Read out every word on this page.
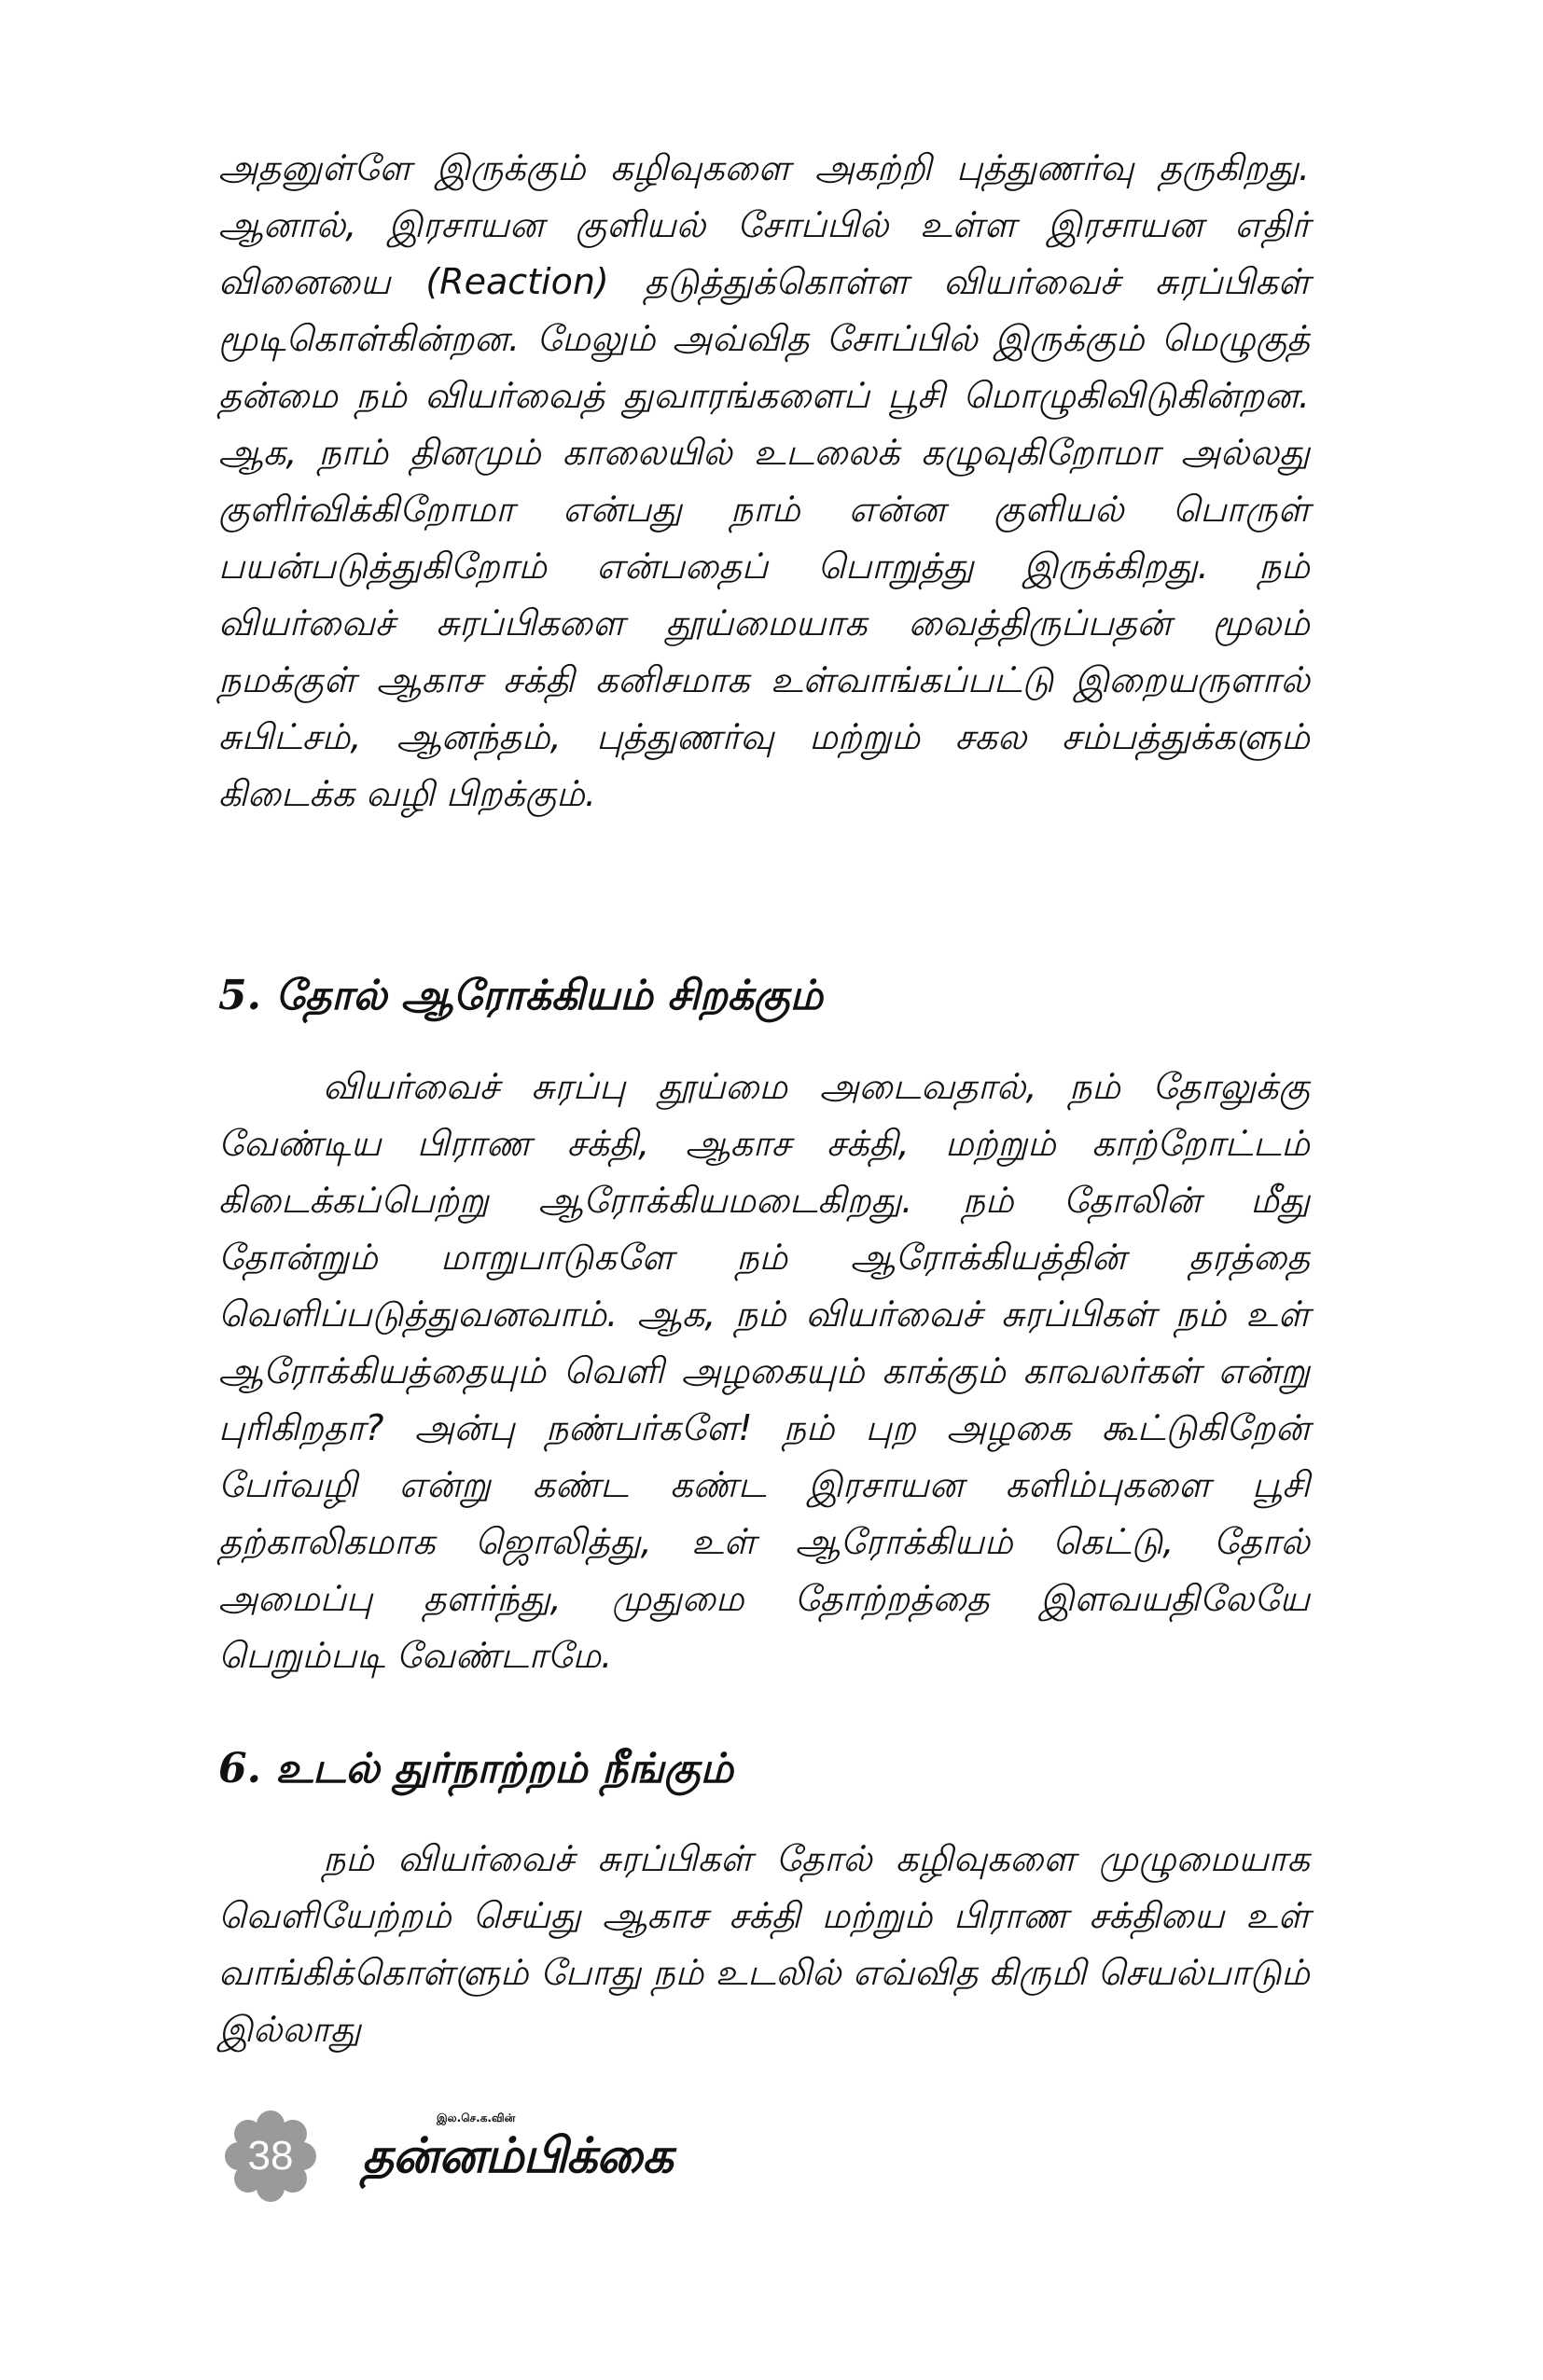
அதனுள்ளே இருக்கும் கழிவுகளை அகற்றி புத்துணர்வு தருகிறது. ஆனால், இரசாயன குளியல் சோப்பில் உள்ள இரசாயன எதிர் வினையை (Reaction) தடுத்துக்கொள்ள வியர்வைச் சுரப்பிகள் மூடிகொள்கின்றன. மேலும் அவ்வித சோப்பில் இருக்கும் மெழுகுத் தன்மை நம் வியர்வைத் துவாரங்களைப் பூசி மொழுகிவிடுகின்றன. ஆக, நாம் தினமும் காலையில் உடலைக் கழுவுகிறோமா அல்லது குளிர்விக்கிறோமா என்பது நாம் என்ன குளியல் பொருள் பயன்படுத்துகிறோம் என்பதைப் பொறுத்து இருக்கிறது. நம் வியர்வைச் சுரப்பிகளை தூய்மையாக வைத்திருப்பதன் மூலம் நமக்குள் ஆகாச சக்தி கனிசமாக உள்வாங்கப்பட்டு இறையருளால் சுபிட்சம், ஆனந்தம், புத்துணர்வு மற்றும் சகல சம்பத்துக்களும் கிடைக்க வழி பிறக்கும்.

5. தோல் ஆரோக்கியம் சிறக்கும்

வியர்வைச் சுரப்பு தூய்மை அடைவதால், நம் தோலுக்கு வேண்டிய பிராண சக்தி, ஆகாச சக்தி, மற்றும் காற்றோட்டம் கிடைக்கப்பெற்று ஆரோக்கியமடைகிறது. நம் தோலின் மீது தோன்றும் மாறுபாடுகளே நம் ஆரோக்கியத்தின் தரத்தை வெளிப்படுத்துவனவாம். ஆக, நம் வியர்வைச் சுரப்பிகள் நம் உள் ஆரோக்கியத்தையும் வெளி அழகையும் காக்கும் காவலர்கள் என்று புரிகிறதா? அன்பு நண்பர்களே! நம் புற அழகை கூட்டுகிறேன் பேர்வழி என்று கண்ட கண்ட இரசாயன களிம்புகளை பூசி தற்காலிகமாக ஜொலித்து, உள் ஆரோக்கியம் கெட்டு, தோல் அமைப்பு தளர்ந்து, முதுமை தோற்றத்தை இளவயதிலேயே பெறும்படி வேண்டாமே.

6. உடல் துர்நாற்றம் நீங்கும்

நம் வியர்வைச் சுரப்பிகள் தோல் கழிவுகளை முழுமையாக வெளியேற்றம் செய்து ஆகாச சக்தி மற்றும் பிராண சக்தியை உள் வாங்கிக்கொள்ளும் போது நம் உடலில் எவ்வித கிருமி செயல்பாடும் இல்லாது

38
இல.செ.க.வின்
தன்னம்பிக்கை
